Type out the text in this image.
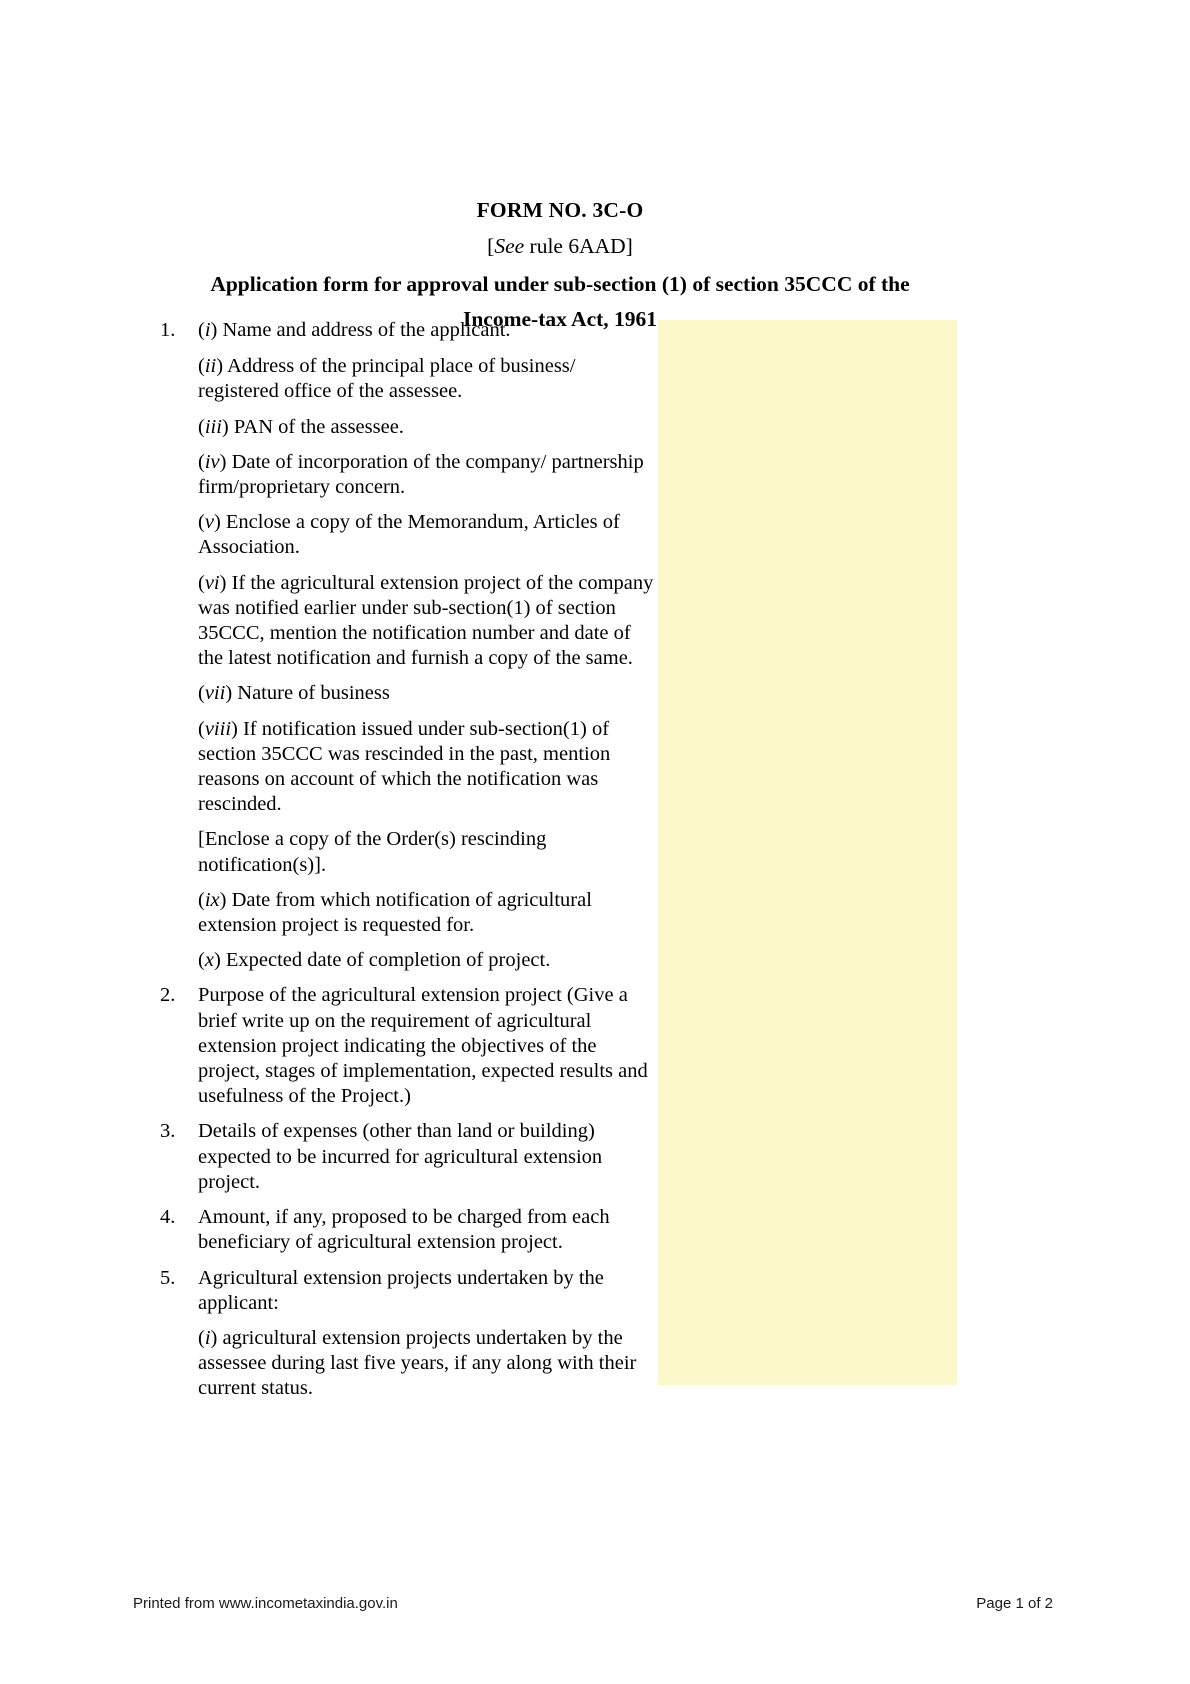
FORM NO. 3C-O
[See rule 6AAD]
Application form for approval under sub-section (1) of section 35CCC of the
Income-tax Act, 1961
1.	(i) Name and address of the applicant.
(ii) Address of the principal place of business/ registered office of the assessee.
(iii) PAN of the assessee.
(iv) Date of incorporation of the company/ partnership firm/proprietary concern.
(v) Enclose a copy of the Memorandum, Articles of Association.
(vi) If the agricultural extension project of the company was notified earlier under sub-section(1) of section 35CCC, mention the notification number and date of the latest notification and furnish a copy of the same.
(vii) Nature of business
(viii) If notification issued under sub-section(1) of section 35CCC was rescinded in the past, mention reasons on account of which the notification was rescinded.
[Enclose a copy of the Order(s) rescinding notification(s)].
(ix) Date from which notification of agricultural extension project is requested for.
(x) Expected date of completion of project.
2.	Purpose of the agricultural extension project (Give a brief write up on the requirement of agricultural extension project indicating the objectives of the project, stages of implementation, expected results and usefulness of the Project.)
3.	Details of expenses (other than land or building) expected to be incurred for agricultural extension project.
4.	Amount, if any, proposed to be charged from each beneficiary of agricultural extension project.
5.	Agricultural extension projects undertaken by the applicant:
(i) agricultural extension projects undertaken by the assessee during last five years, if any along with their current status.
Printed from www.incometaxindia.gov.in	Page 1 of 2
